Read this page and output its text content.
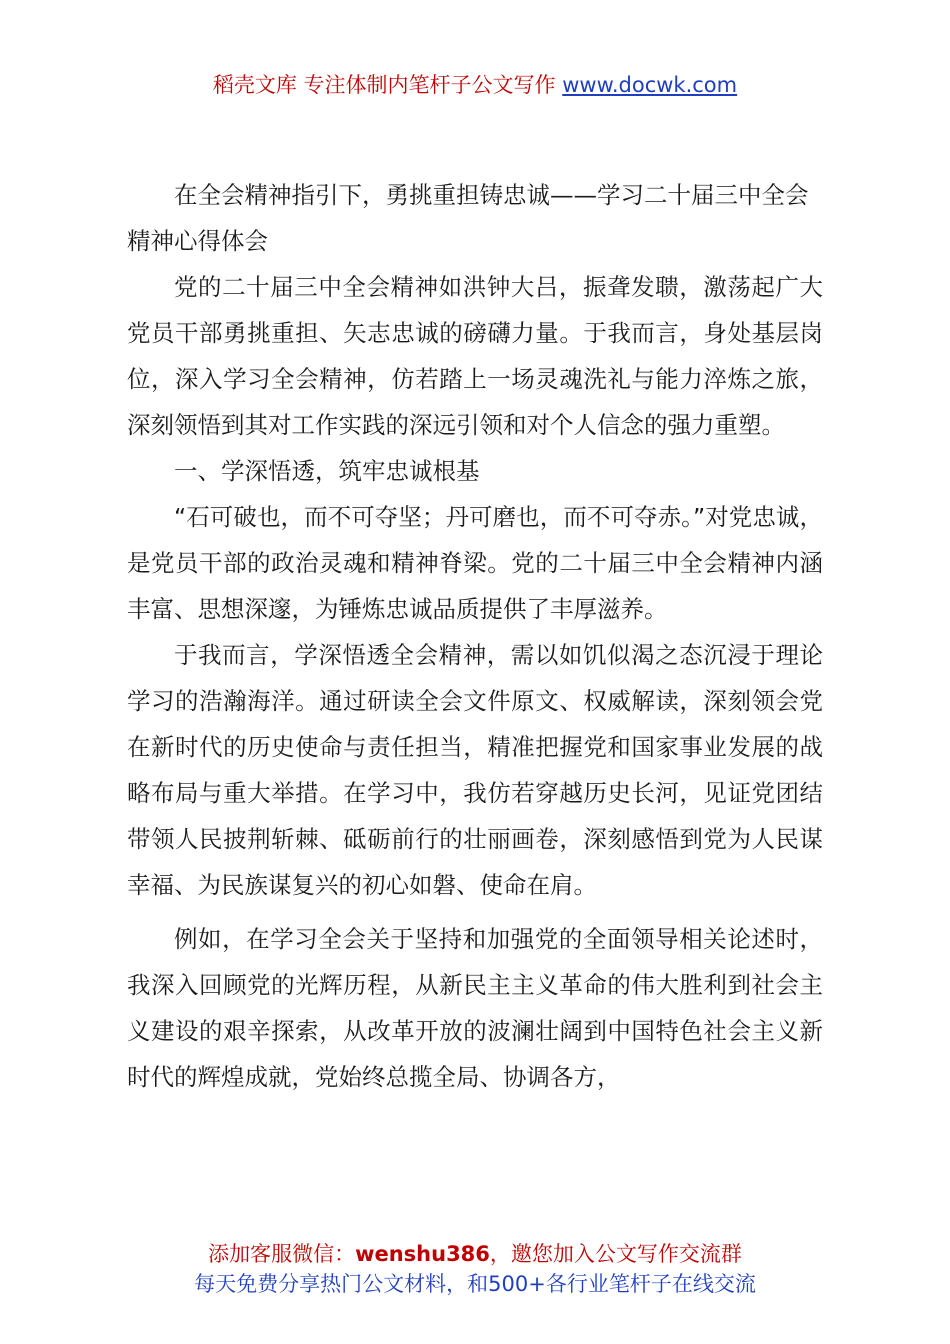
稻壳文库 专注体制内笔杆子公文写作 www.docwk.com

在全会精神指引下，勇挑重担铸忠诚——学习二十届三中全会精神心得体会

党的二十届三中全会精神如洪钟大吕，振聋发聩，激荡起广大党员干部勇挑重担、矢志忠诚的磅礴力量。于我而言，身处基层岗位，深入学习全会精神，仿若踏上一场灵魂洗礼与能力淬炼之旅，深刻领悟到其对工作实践的深远引领和对个人信念的强力重塑。

一、学深悟透，筑牢忠诚根基

“石可破也，而不可夺坚；丹可磨也，而不可夺赤。”对党忠诚，是党员干部的政治灵魂和精神脊梁。党的二十届三中全会精神内涵丰富、思想深邃，为锤炼忠诚品质提供了丰厚滋养。

于我而言，学深悟透全会精神，需以如饥似渴之态沉浸于理论学习的浩瀚海洋。通过研读全会文件原文、权威解读，深刻领会党在新时代的历史使命与责任担当，精准把握党和国家事业发展的战略布局与重大举措。在学习中，我仿若穿越历史长河，见证党团结带领人民披荆斩棘、砥砺前行的壮丽画卷，深刻感悟到党为人民谋幸福、为民族谋复兴的初心如磐、使命在肩。

例如，在学习全会关于坚持和加强党的全面领导相关论述时，我深入回顾党的光辉历程，从新民主主义革命的伟大胜利到社会主义建设的艰辛探索，从改革开放的波澜壮阔到中国特色社会主义新时代的辉煌成就，党始终总揽全局、协调各方，

添加客服微信：wenshu386，邀您加入公文写作交流群
每天免费分享热门公文材料，和500+各行业笔杆子在线交流
